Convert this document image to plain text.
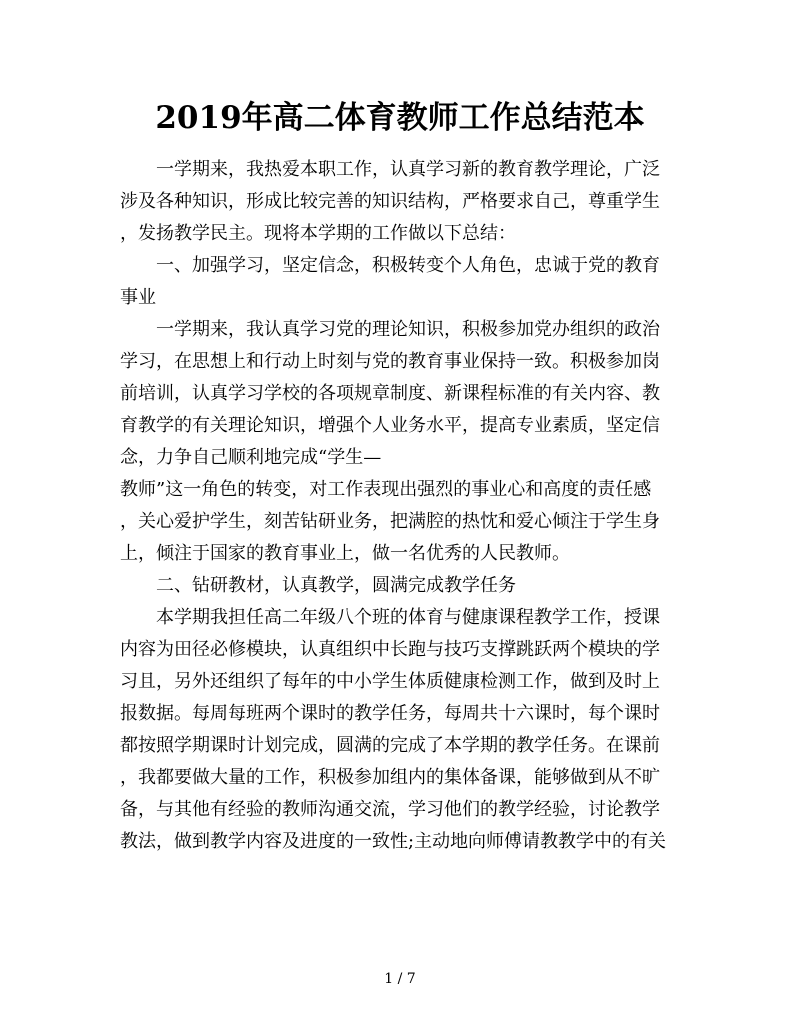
2019年高二体育教师工作总结范本
　　一学期来，我热爱本职工作，认真学习新的教育教学理论，广泛
涉及各种知识，形成比较完善的知识结构，严格要求自己，尊重学生
，发扬教学民主。现将本学期的工作做以下总结：
　　一、加强学习，坚定信念，积极转变个人角色，忠诚于党的教育
事业
　　一学期来，我认真学习党的理论知识，积极参加党办组织的政治
学习，在思想上和行动上时刻与党的教育事业保持一致。积极参加岗
前培训，认真学习学校的各项规章制度、新课程标准的有关内容、教
育教学的有关理论知识，增强个人业务水平，提高专业素质，坚定信
念，力争自己顺利地完成“学生—
教师”这一角色的转变，对工作表现出强烈的事业心和高度的责任感
，关心爱护学生，刻苦钻研业务，把满腔的热忱和爱心倾注于学生身
上，倾注于国家的教育事业上，做一名优秀的人民教师。
　　二、钻研教材，认真教学，圆满完成教学任务
　　本学期我担任高二年级八个班的体育与健康课程教学工作，授课
内容为田径必修模块，认真组织中长跑与技巧支撑跳跃两个模块的学
习且，另外还组织了每年的中小学生体质健康检测工作，做到及时上
报数据。每周每班两个课时的教学任务，每周共十六课时，每个课时
都按照学期课时计划完成，圆满的完成了本学期的教学任务。在课前
，我都要做大量的工作，积极参加组内的集体备课，能够做到从不旷
备，与其他有经验的教师沟通交流，学习他们的教学经验，讨论教学
教法，做到教学内容及进度的一致性;主动地向师傅请教教学中的有关
1 / 7
